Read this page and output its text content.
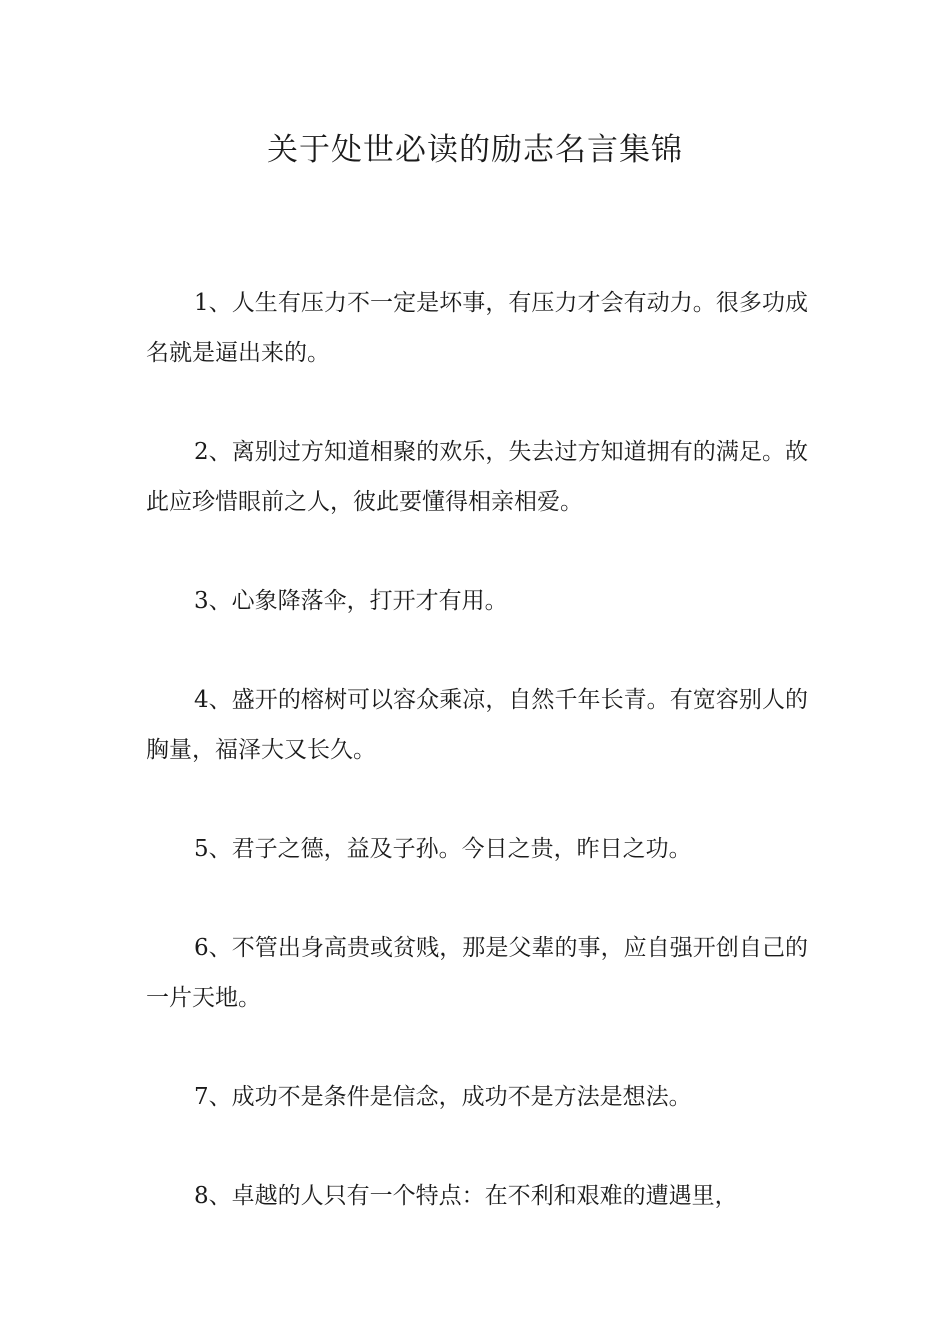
关于处世必读的励志名言集锦

1、人生有压力不一定是坏事，有压力才会有动力。很多功成名就是逼出来的。

2、离别过方知道相聚的欢乐，失去过方知道拥有的满足。故此应珍惜眼前之人，彼此要懂得相亲相爱。

3、心象降落伞，打开才有用。

4、盛开的榕树可以容众乘凉，自然千年长青。有宽容别人的胸量，福泽大又长久。

5、君子之德，益及子孙。今日之贵，昨日之功。

6、不管出身高贵或贫贱，那是父辈的事，应自强开创自己的一片天地。

7、成功不是条件是信念，成功不是方法是想法。

8、卓越的人只有一个特点：在不利和艰难的遭遇里，
